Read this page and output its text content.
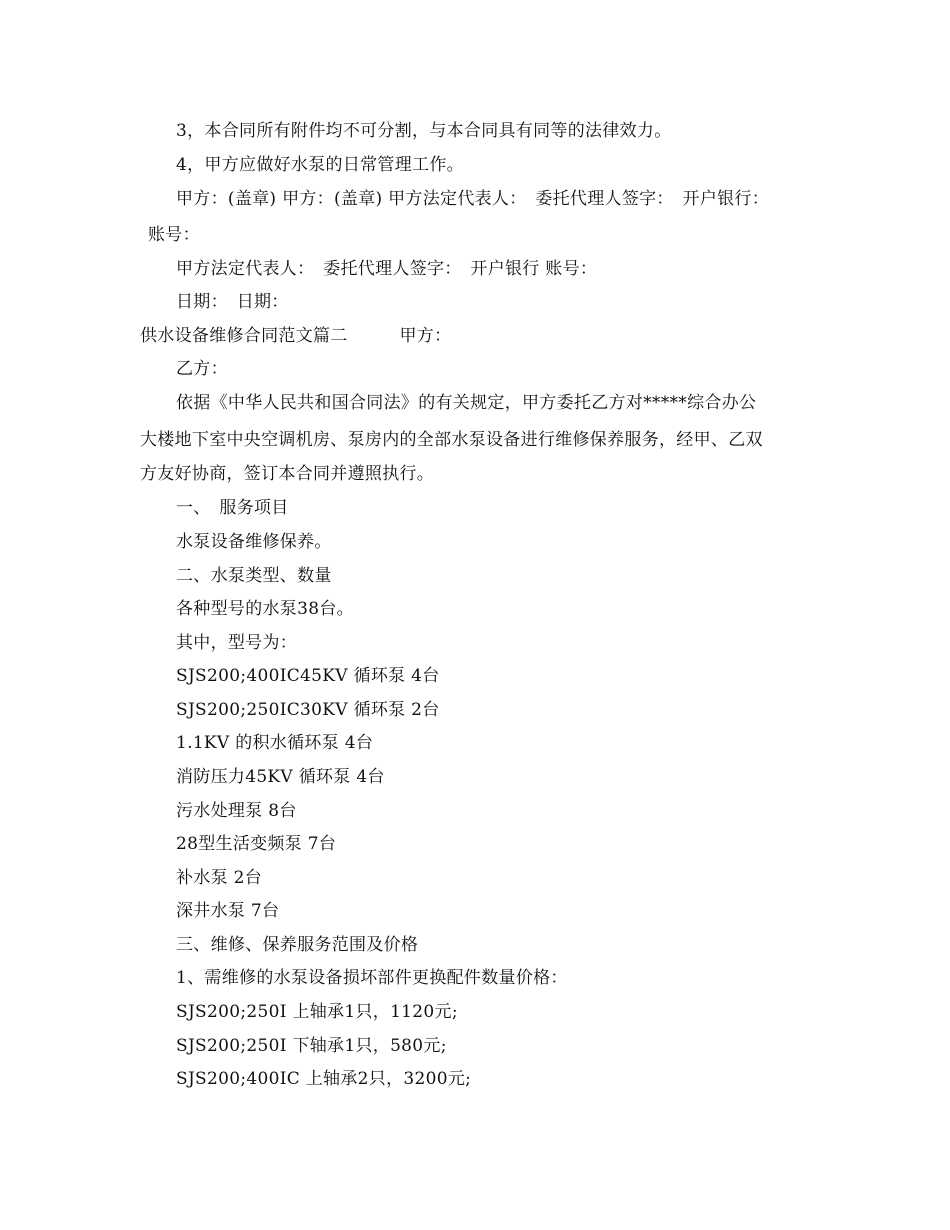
3，本合同所有附件均不可分割，与本合同具有同等的法律效力。
4，甲方应做好水泵的日常管理工作。
甲方：(盖章) 甲方：(盖章) 甲方法定代表人：　委托代理人签字：　开户银行：
账号：
甲方法定代表人：　委托代理人签字：　开户银行 账号：
日期：　日期：
供水设备维修合同范文篇二　　　甲方：
乙方：
依据《中华人民共和国合同法》的有关规定，甲方委托乙方对*****综合办公
大楼地下室中央空调机房、泵房内的全部水泵设备进行维修保养服务，经甲、乙双
方友好协商，签订本合同并遵照执行。
一、　服务项目
水泵设备维修保养。
二、水泵类型、数量
各种型号的水泵38台。
其中，型号为：
SJS200;400IC45KV 循环泵 4台
SJS200;250IC30KV 循环泵 2台
1.1KV 的积水循环泵 4台
消防压力45KV 循环泵 4台
污水处理泵 8台
28型生活变频泵 7台
补水泵 2台
深井水泵 7台
三、维修、保养服务范围及价格
1、需维修的水泵设备损坏部件更换配件数量价格：
SJS200;250I 上轴承1只，1120元;
SJS200;250I 下轴承1只，580元;
SJS200;400IC 上轴承2只，3200元;
